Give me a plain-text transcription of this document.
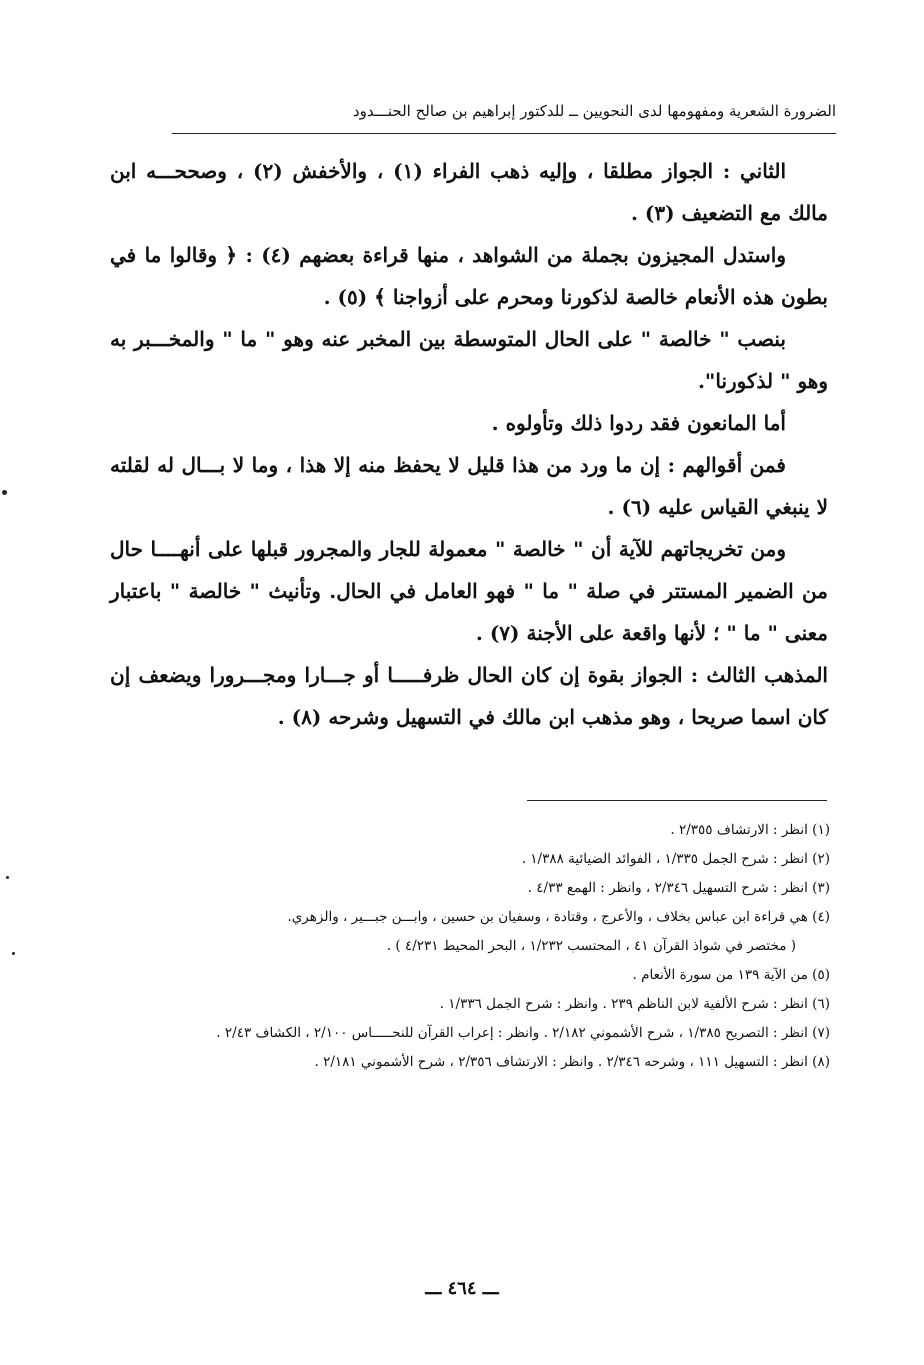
الضرورة الشعرية ومفهومها لدى النحويين ــ للدكتور إبراهيم بن صالح الحنـــدود

الثاني : الجواز مطلقا ، وإليه ذهب الفراء (١) ، والأخفش (٢) ، وصححـــه ابن مالك مع التضعيف (٣) .

واستدل المجيزون بجملة من الشواهد ، منها قراءة بعضهم (٤) : ﴿ وقالوا ما في بطون هذه الأنعام خالصة لذكورنا ومحرم على أزواجنا ﴾ (٥) .

بنصب " خالصة " على الحال المتوسطة بين المخبر عنه وهو " ما " والمخـــبر به وهو " لذكورنا".

أما المانعون فقد ردوا ذلك وتأولوه .

فمن أقوالهم : إن ما ورد من هذا قليل لا يحفظ منه إلا هذا ، وما لا بـــال له لقلته لا ينبغي القياس عليه (٦) .

ومن تخريجاتهم للآية أن " خالصة " معمولة للجار والمجرور قبلها على أنهــــا حال من الضمير المستتر في صلة " ما " فهو العامل في الحال. وتأنيث " خالصة " باعتبار معنى " ما " ؛ لأنها واقعة على الأجنة (٧) .

المذهب الثالث : الجواز بقوة إن كان الحال ظرفـــــا أو جـــارا ومجـــرورا ويضعف إن كان اسما صريحا ، وهو مذهب ابن مالك في التسهيل وشرحه (٨) .

(١) انظر : الارتشاف ٢/٣٥٥ .

(٢) انظر : شرح الجمل ١/٣٣٥ ، الفوائد الضيائية ١/٣٨٨ .

(٣) انظر : شرح التسهيل ٢/٣٤٦ ، وانظر : الهمع ٤/٣٣ .

(٤) هي قراءة ابن عباس بخلاف ، والأعرج ، وقتادة ، وسفيان بن حسين ، وابـــن جبـــير ، والزهري.
( مختصر في شواذ القرآن ٤١ ، المحتسب ١/٢٣٢ ، البحر المحيط ٤/٢٣١ ) .

(٥) من الآية ١٣٩ من سورة الأنعام .

(٦) انظر : شرح الألفية لابن الناظم ٢٣٩ . وانظر : شرح الجمل ١/٣٣٦ .

(٧) انظر : التصريح ١/٣٨٥ ، شرح الأشموني ٢/١٨٢ . وانظر : إعراب القرآن للنحـــــاس ٢/١٠٠ ، الكشاف ٢/٤٣ .

(٨) انظر : التسهيل ١١١ ، وشرحه ٢/٣٤٦ . وانظر : الارتشاف ٢/٣٥٦ ، شرح الأشموني ٢/١٨١ .

ـــ ٤٦٤ ـــ
